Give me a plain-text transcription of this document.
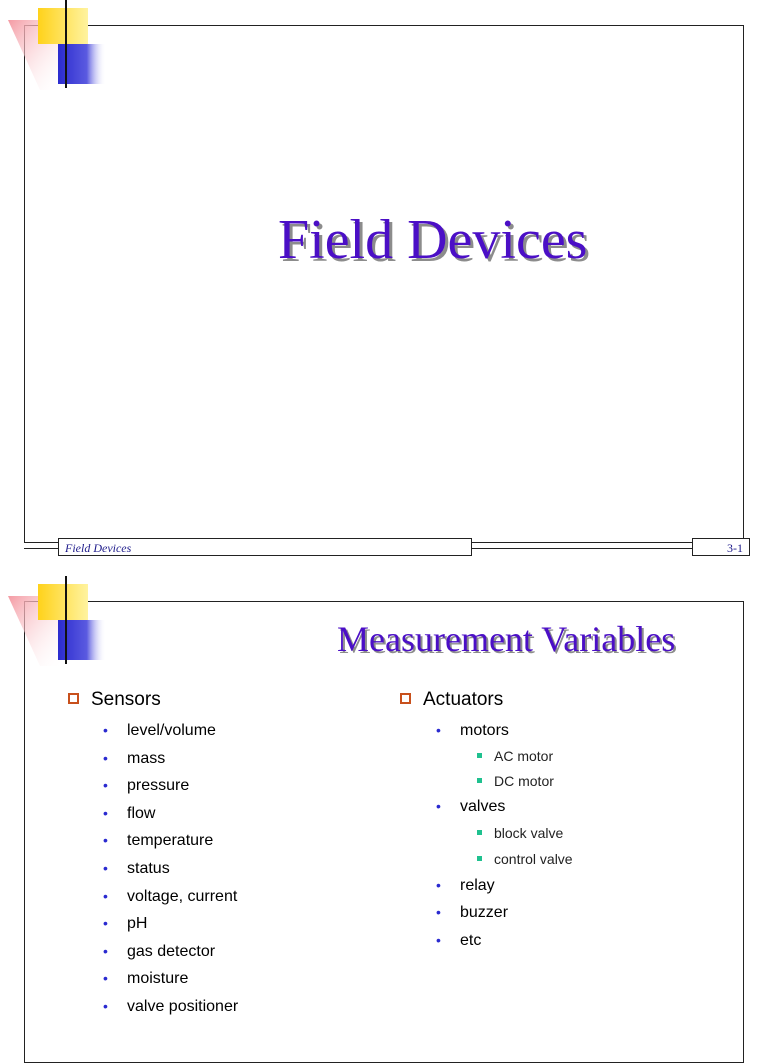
Field Devices
Field Devices	3-1
Measurement Variables
Sensors
• level/volume
• mass
• pressure
• flow
• temperature
• status
• voltage, current
• pH
• gas detector
• moisture
• valve positioner
Actuators
• motors
AC motor
DC motor
• valves
block valve
control valve
• relay
• buzzer
• etc
